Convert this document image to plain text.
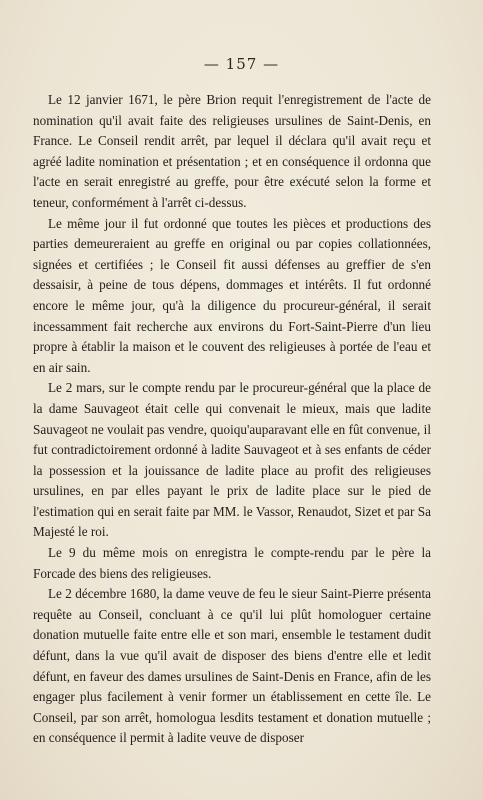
— 157 —

Le 12 janvier 1671, le père Brion requit l'enregistrement de l'acte de nomination qu'il avait faite des religieuses ursulines de Saint-Denis, en France. Le Conseil rendit arrêt, par lequel il déclara qu'il avait reçu et agréé ladite nomination et présentation ; et en conséquence il ordonna que l'acte en serait enregistré au greffe, pour être exécuté selon la forme et teneur, conformément à l'arrêt ci-dessus.

Le même jour il fut ordonné que toutes les pièces et productions des parties demeureraient au greffe en original ou par copies collationnées, signées et certifiées ; le Conseil fit aussi défenses au greffier de s'en dessaisir, à peine de tous dépens, dommages et intérêts. Il fut ordonné encore le même jour, qu'à la diligence du procureur-général, il serait incessamment fait recherche aux environs du Fort-Saint-Pierre d'un lieu propre à établir la maison et le couvent des religieuses à portée de l'eau et en air sain.

Le 2 mars, sur le compte rendu par le procureur-général que la place de la dame Sauvageot était celle qui convenait le mieux, mais que ladite Sauvageot ne voulait pas vendre, quoiqu'auparavant elle en fût convenue, il fut contradictoirement ordonné à ladite Sauvageot et à ses enfants de céder la possession et la jouissance de ladite place au profit des religieuses ursulines, en par elles payant le prix de ladite place sur le pied de l'estimation qui en serait faite par MM. le Vassor, Renaudot, Sizet et par Sa Majesté le roi.

Le 9 du même mois on enregistra le compte-rendu par le père la Forcade des biens des religieuses.

Le 2 décembre 1680, la dame veuve de feu le sieur Saint-Pierre présenta requête au Conseil, concluant à ce qu'il lui plût homologuer certaine donation mutuelle faite entre elle et son mari, ensemble le testament dudit défunt, dans la vue qu'il avait de disposer des biens d'entre elle et ledit défunt, en faveur des dames ursulines de Saint-Denis en France, afin de les engager plus facilement à venir former un établissement en cette île. Le Conseil, par son arrêt, homologua lesdits testament et donation mutuelle ; en conséquence il permit à ladite veuve de disposer
